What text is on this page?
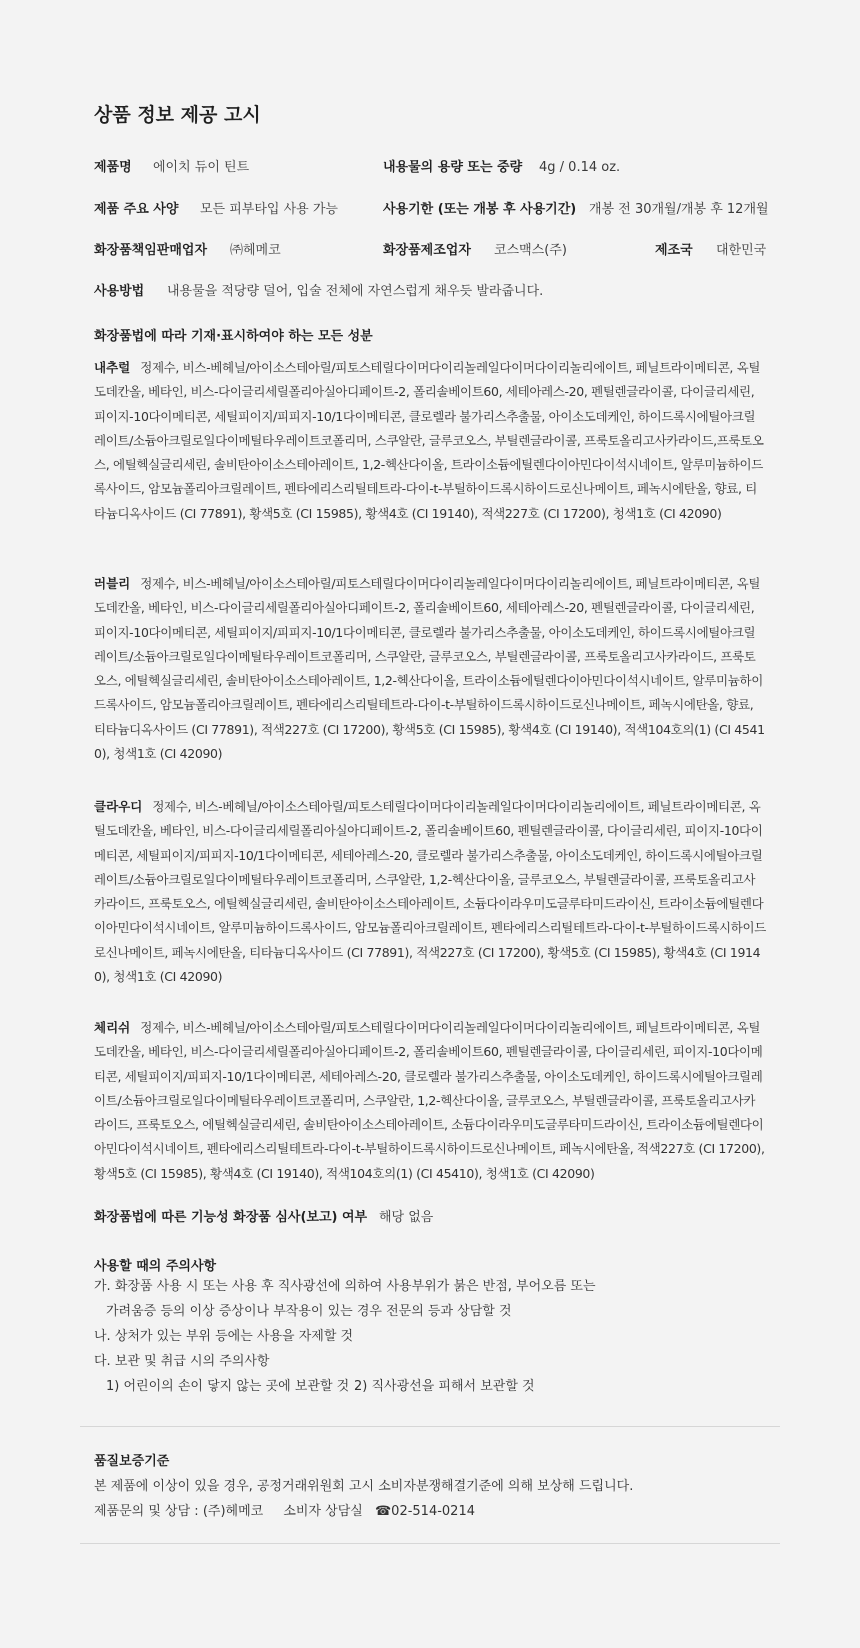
상품 정보 제공 고시
제품명 에이치 듀이 틴트	내용물의 용량 또는 중량 4g / 0.14 oz.
제품 주요 사양 모든 피부타입 사용 가능	사용기한 (또는 개봉 후 사용기간) 개봉 전 30개월/개봉 후 12개월
화장품책임판매업자 ㈜헤메코	화장품제조업자 코스맥스(주)	제조국 대한민국
사용방법 내용물을 적당량 덜어, 입술 전체에 자연스럽게 채우듯 발라줍니다.
화장품법에 따라 기재·표시하여야 하는 모든 성분
내추럴 정제수, 비스-베헤닐/아이소스테아릴/피토스테릴다이머다이리놀레일다이머다이리놀리에이트, 페닐트라이메티콘, 옥틸도데칸올, 베타인, 비스-다이글리세릴폴리아실아디페이트-2, 폴리솔베이트60, 세테아레스-20, 펜틸렌글라이콜, 다이글리세린, 피이지-10다이메티콘, 세틸피이지/피피지-10/1다이메티콘, 클로렐라 불가리스추출물, 아이소도데케인, 하이드록시에틸아크릴레이트/소듐아크릴로일다이메틸타우레이트코폴리머, 스쿠알란, 글루코오스, 부틸렌글라이콜, 프룩토올리고사카라이드,프룩토오스, 에틸헥실글리세린, 솔비탄아이소스테아레이트, 1,2-헥산다이올, 트라이소듐에틸렌다이아민다이석시네이트, 알루미늄하이드록사이드, 암모늄폴리아크릴레이트, 펜타에리스리틸테트라-다이-t-부틸하이드록시하이드로신나메이트, 페녹시에탄올, 향료, 티타늄디옥사이드 (CI 77891), 황색5호 (CI 15985), 황색4호 (CI 19140), 적색227호 (CI 17200), 청색1호 (CI 42090)
러블리 정제수, 비스-베헤닐/아이소스테아릴/피토스테릴다이머다이리놀레일다이머다이리놀리에이트, 페닐트라이메티콘, 옥틸도데칸올, 베타인, 비스-다이글리세릴폴리아실아디페이트-2, 폴리솔베이트60, 세테아레스-20, 펜틸렌글라이콜, 다이글리세린, 피이지-10다이메티콘, 세틸피이지/피피지-10/1다이메티콘, 클로렐라 불가리스추출물, 아이소도데케인, 하이드록시에틸아크릴레이트/소듐아크릴로일다이메틸타우레이트코폴리머, 스쿠알란, 글루코오스, 부틸렌글라이콜, 프룩토올리고사카라이드, 프룩토오스, 에틸헥실글리세린, 솔비탄아이소스테아레이트, 1,2-헥산다이올, 트라이소듐에틸렌다이아민다이석시네이트, 알루미늄하이드록사이드, 암모늄폴리아크릴레이트, 펜타에리스리틸테트라-다이-t-부틸하이드록시하이드로신나메이트, 페녹시에탄올, 향료, 티타늄디옥사이드 (CI 77891), 적색227호 (CI 17200), 황색5호 (CI 15985), 황색4호 (CI 19140), 적색104호의(1) (CI 45410), 청색1호 (CI 42090)
클라우디 정제수, 비스-베헤닐/아이소스테아릴/피토스테릴다이머다이리놀레일다이머다이리놀리에이트, 페닐트라이메티콘, 옥틸도데칸올, 베타인, 비스-다이글리세릴폴리아실아디페이트-2, 폴리솔베이트60, 펜틸렌글라이콜, 다이글리세린, 피이지-10다이메티콘, 세틸피이지/피피지-10/1다이메티콘, 세테아레스-20, 클로렐라 불가리스추출물, 아이소도데케인, 하이드록시에틸아크릴레이트/소듐아크릴로일다이메틸타우레이트코폴리머, 스쿠알란, 1,2-헥산다이올, 글루코오스, 부틸렌글라이콜, 프룩토올리고사카라이드, 프룩토오스, 에틸헥실글리세린, 솔비탄아이소스테아레이트, 소듐다이라우미도글루타미드라이신, 트라이소듐에틸렌다이아민다이석시네이트, 알루미늄하이드록사이드, 암모늄폴리아크릴레이트, 펜타에리스리틸테트라-다이-t-부틸하이드록시하이드로신나메이트, 페녹시에탄올, 티타늄디옥사이드 (CI 77891), 적색227호 (CI 17200), 황색5호 (CI 15985), 황색4호 (CI 19140), 청색1호 (CI 42090)
체리쉬 정제수, 비스-베헤닐/아이소스테아릴/피토스테릴다이머다이리놀레일다이머다이리놀리에이트, 페닐트라이메티콘, 옥틸도데칸올, 베타인, 비스-다이글리세릴폴리아실아디페이트-2, 폴리솔베이트60, 펜틸렌글라이콜, 다이글리세린, 피이지-10다이메티콘, 세틸피이지/피피지-10/1다이메티콘, 세테아레스-20, 클로렐라 불가리스추출물, 아이소도데케인, 하이드록시에틸아크릴레이트/소듐아크릴로일다이메틸타우레이트코폴리머, 스쿠알란, 1,2-헥산다이올, 글루코오스, 부틸렌글라이콜, 프룩토올리고사카라이드, 프룩토오스, 에틸헥실글리세린, 솔비탄아이소스테아레이트, 소듐다이라우미도글루타미드라이신, 트라이소듐에틸렌다이아민다이석시네이트, 펜타에리스리틸테트라-다이-t-부틸하이드록시하이드로신나메이트, 페녹시에탄올, 적색227호 (CI 17200), 황색5호 (CI 15985), 황색4호 (CI 19140), 적색104호의(1) (CI 45410), 청색1호 (CI 42090)
화장품법에 따른 기능성 화장품 심사(보고) 여부 해당 없음
사용할 때의 주의사항
가. 화장품 사용 시 또는 사용 후 직사광선에 의하여 사용부위가 붉은 반점, 부어오름 또는
가려움증 등의 이상 증상이나 부작용이 있는 경우 전문의 등과 상담할 것
나. 상처가 있는 부위 등에는 사용을 자제할 것
다. 보관 및 취급 시의 주의사항
1) 어린이의 손이 닿지 않는 곳에 보관할 것 2) 직사광선을 피해서 보관할 것
품질보증기준
본 제품에 이상이 있을 경우, 공정거래위원회 고시 소비자분쟁해결기준에 의해 보상해 드립니다.
제품문의 및 상담 : (주)헤메코 소비자 상담실 ☎02-514-0214
